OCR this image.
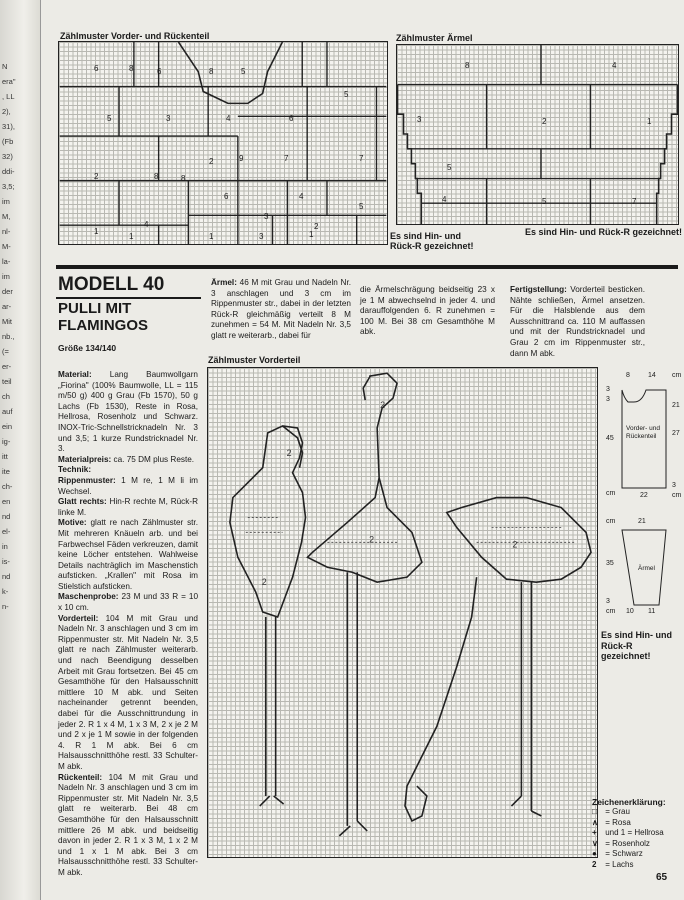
N
era"
, LL
2),
31),
(Fb
32)
ddi-
3,5;
im
M,
nl-
M-
la-
im
der
ar-
Mit
nb.,
(=
er-
teil
ch
auf
ein
ig-
itt
ite
ch-
en
nd
el-
in
is-
nd
k-
n-
Zählmuster Vorder- und Rückenteil
6	8	6	8	5
5
5	3	4	6
2	9
8
7	7
2	8
6
5
4
3
1
2
1	1
4
1	3
Zählmuster Ärmel
8	4
3	2	1
5
4	5	7
Es sind Hin- und Rück-R gezeichnet!
Es sind Hin- und Rück-R gezeichnet!
MODELL 40
PULLI MIT
FLAMINGOS
Größe 134/140
Material: Lang Baumwollgarn „Fiorina" (100% Baumwolle, LL = 115 m/50 g) 400 g Grau (Fb 1570), 50 g Lachs (Fb 1530), Reste in Rosa, Hellrosa, Rosenholz und Schwarz. INOX-Tric-Schnellstricknadeln Nr. 3 und 3,5; 1 kurze Rundstricknadel Nr. 3.
Materialpreis: ca. 75 DM plus Reste.
Technik:
Rippenmuster: 1 M re, 1 M li im Wechsel.
Glatt rechts: Hin-R rechte M, Rück-R linke M.
Motive: glatt re nach Zählmuster str. Mit mehreren Knäueln arb. und bei Farbwechsel Fäden verkreuzen, damit keine Löcher entstehen. Wahlweise Details nachträglich im Maschenstich aufsticken. „Krallen" mit Rosa im Stielstich aufsticken.
Maschenprobe: 23 M und 33 R = 10 x 10 cm.
Vorderteil: 104 M mit Grau und Nadeln Nr. 3 anschlagen und 3 cm im Rippenmuster str. Mit Nadeln Nr. 3,5 glatt re nach Zählmuster weiterarb. und nach Beendigung desselben Arbeit mit Grau fortsetzen. Bei 45 cm Gesamthöhe für den Halsausschnitt mittlere 10 M abk. und Seiten nacheinander getrennt beenden, dabei für die Ausschnittrundung in jeder 2. R 1 x 4 M, 1 x 3 M, 2 x je 2 M und 2 x je 1 M sowie in der folgenden 4. R 1 M abk. Bei 6 cm Halsausschnitthöhe restl. 33 Schulter-M abk.
Rückenteil: 104 M mit Grau und Nadeln Nr. 3 anschlagen und 3 cm im Rippenmuster str. Mit Nadeln Nr. 3,5 glatt re weiterarb. Bei 48 cm Gesamthöhe für den Halsausschnitt mittlere 26 M abk. und beidseitig davon in jeder 2. R 1 x 3 M, 1 x 2 M und 1 x 1 M abk. Bei 3 cm Halsausschnitthöhe restl. 33 Schulter-M abk.
Ärmel: 46 M mit Grau und Nadeln Nr. 3 anschlagen und 3 cm im Rippenmuster str., dabei in der letzten Rück-R gleichmäßig verteilt 8 M zunehmen = 54 M. Mit Nadeln Nr. 3,5 glatt re weiterarb., dabei für
die Ärmelschrägung beidseitig 23 x je 1 M abwechselnd in jeder 4. und darauffolgenden 6. R zunehmen = 100 M. Bei 38 cm Gesamthöhe M abk.
Fertigstellung: Vorderteil besticken. Nähte schließen, Ärmel ansetzen. Für die Halsblende aus dem Ausschnittrand ca. 110 M auffassen und mit der Rundstricknadel und Grau 2 cm im Rippenmuster str., dann M abk.
Zählmuster Vorderteil
2
2
2
2	2
Vorder- und Rückenteil
Ärmel
8	14 cm
3
3
45
cm
21
27
3
22	cm
21
cm
35
3
cm 10 11
Es sind Hin- und Rück-R gezeichnet!
Zeichenerklärung:
□ = Grau
∧ = Rosa
+ und 1 = Hellrosa
∨ = Rosenholz
● = Schwarz
2 = Lachs
65
